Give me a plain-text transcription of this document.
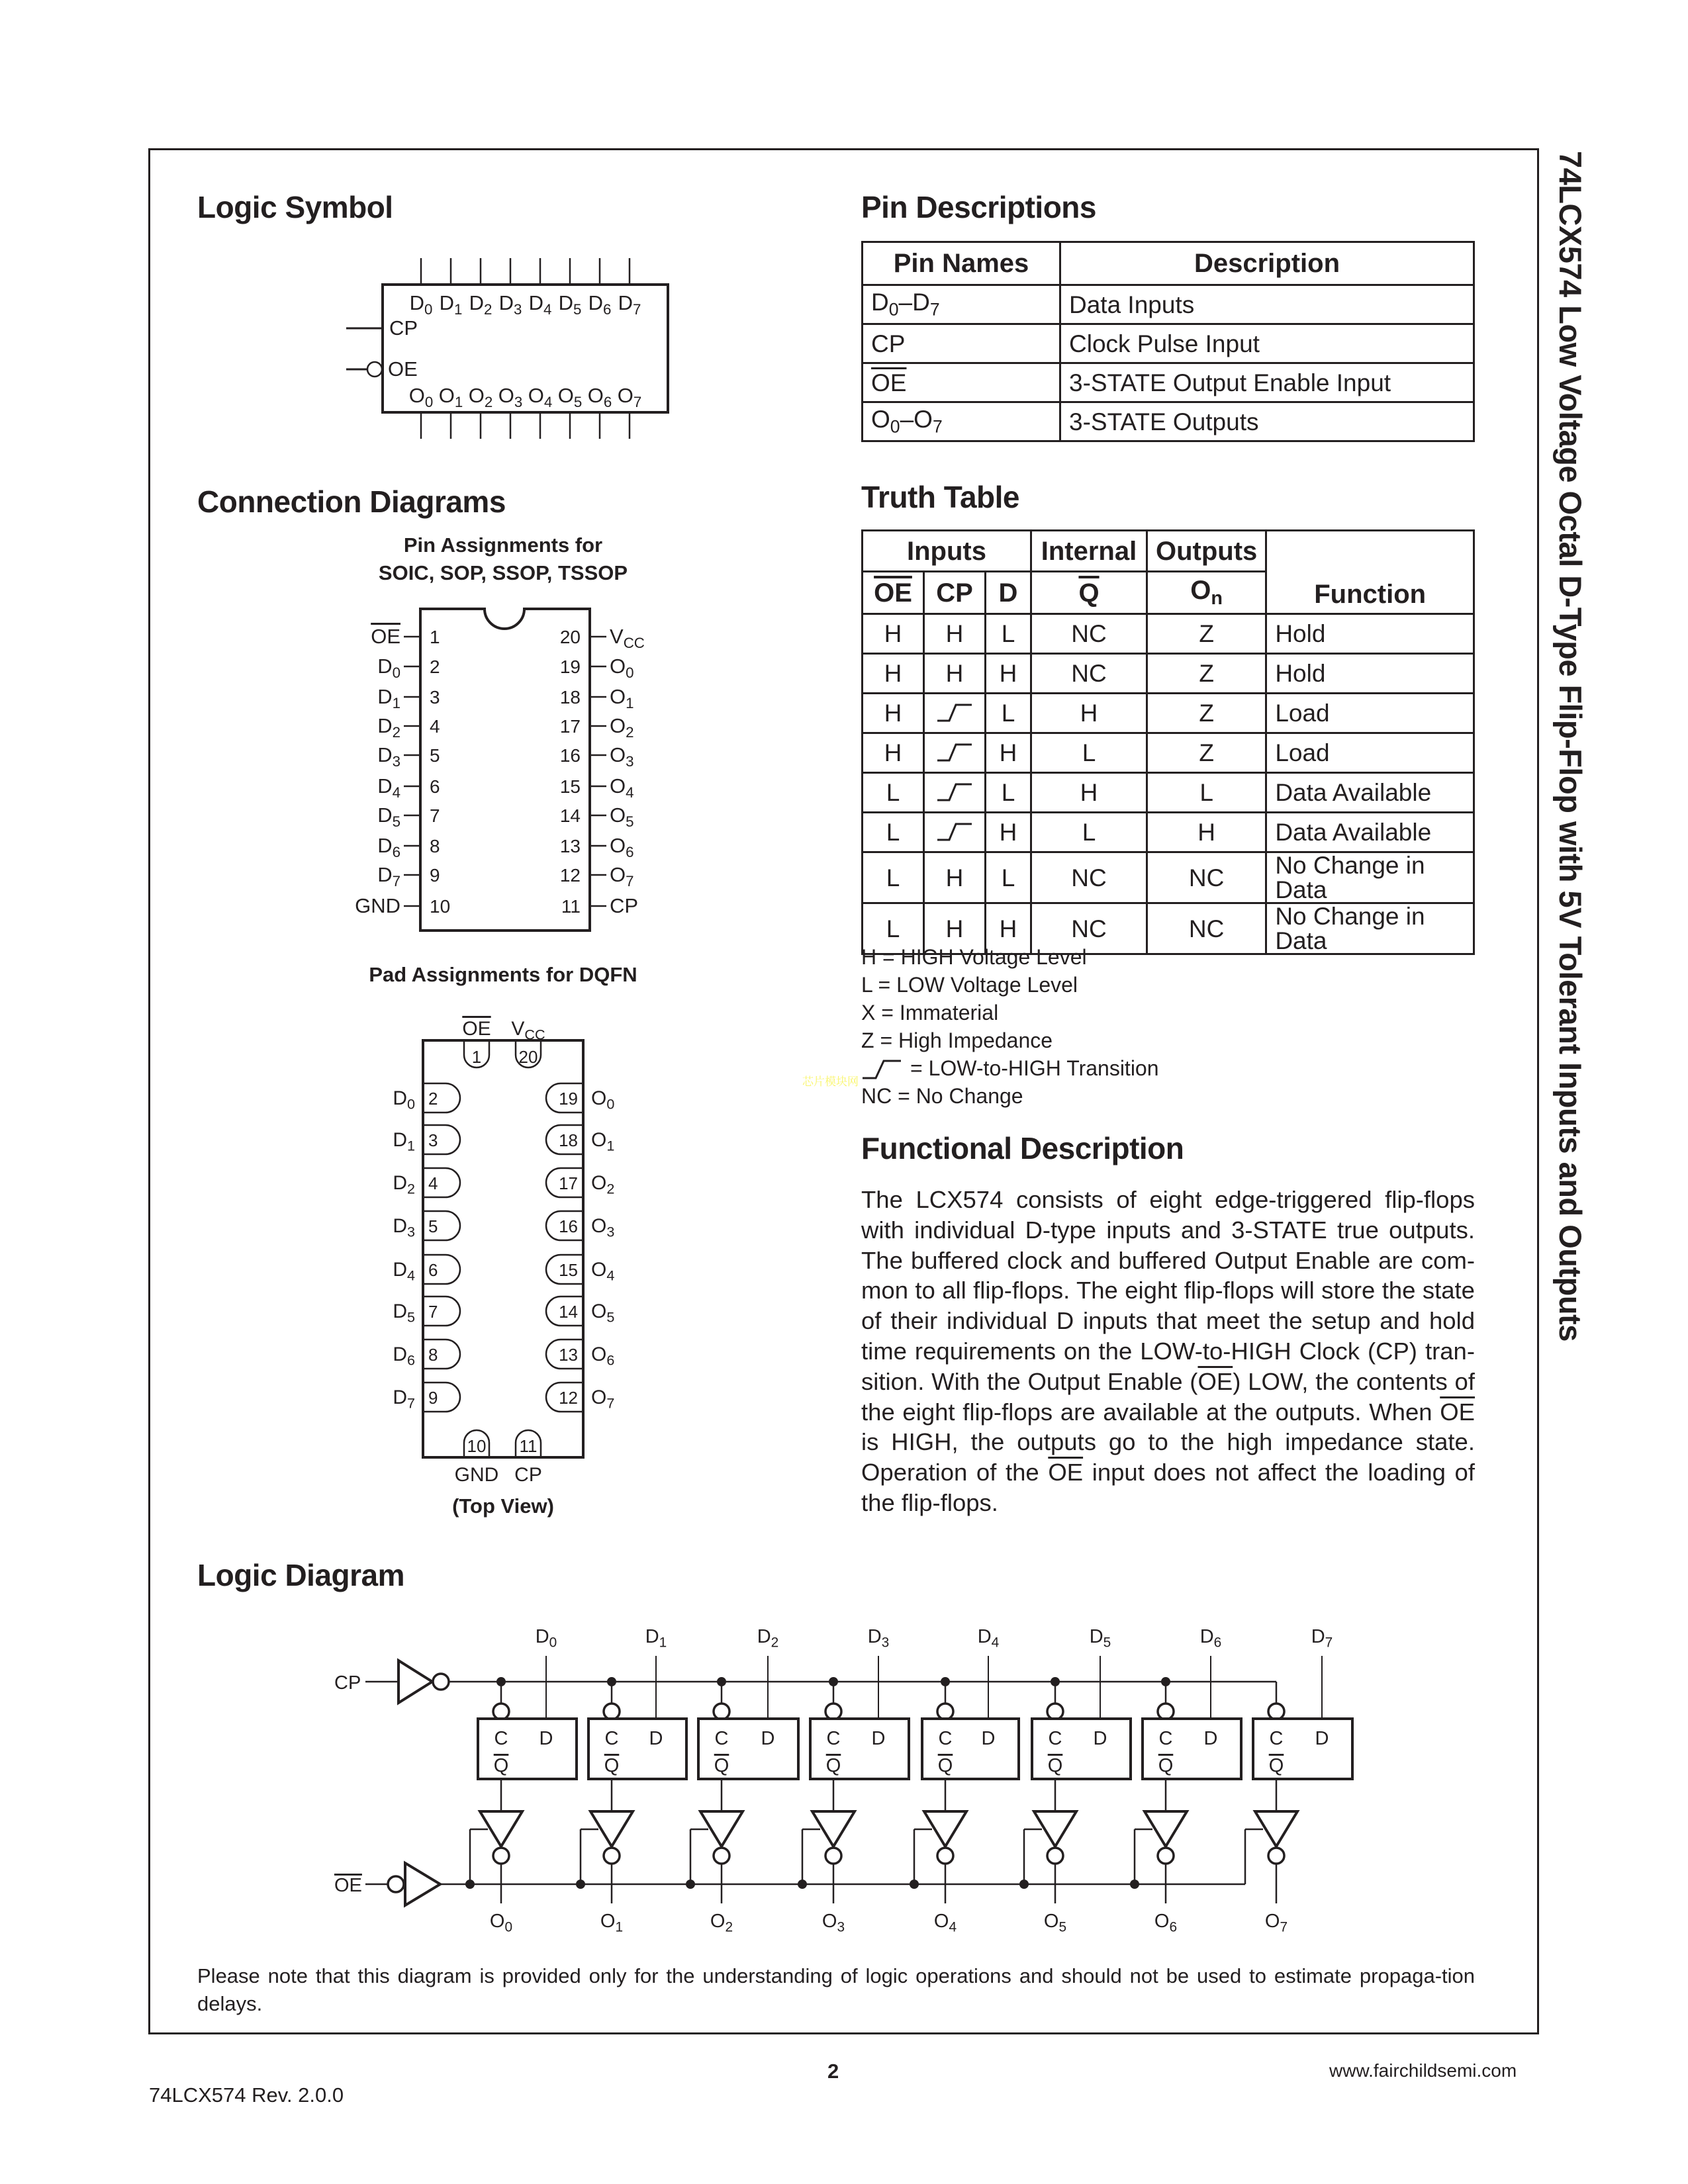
74LCX574 Low Voltage Octal D-Type Flip-Flop with 5V Tolerant Inputs and Outputs
Logic Symbol
$D_0$
$O_0$
$D_1$
$O_1$
$D_2$
$O_2$
$D_3$
$O_3$
$D_4$
$O_4$
$D_5$
$O_5$
$D_6$
$O_6$
$D_7$
$O_7$
CP
OE
Pin Descriptions
Pin Names	Description
$D_0-D_7$	Data Inputs
CP	Clock Pulse Input
$\overline{OE}$	3-STATE Output Enable Input
$O_0-O_7$	3-STATE Outputs
Connection Diagrams
Pin Assignments for
SOIC, SOP, SSOP, TSSOP
1
OE
2
$D_0$
3
$D_1$
4
$D_2$
5
$D_3$
6
$D_4$
7
$D_5$
8
$D_6$
9
$D_7$
10
GND
20 $V_{CC}$
19 $O_0$
18 $O_1$
17 $O_2$
16 $O_3$
15 $O_4$
14 $O_5$
13 $O_6$
12 $O_7$
11 CP
1
OE
20
$V_{CC}$
10
GND
11
CP
2
$D_0$
3
$D_1$
4
$D_2$
5
$D_3$
6
$D_4$
7
$D_5$
8
$D_6$
9
$D_7$
19 $O_0$
18 $O_1$
17 $O_2$
16 $O_3$
15 $O_4$
14 $O_5$
13 $O_6$
12 $O_7$
Pad Assignments for DQFN
(Top View)
Truth Table
Inputs			Internal	Outputs	Function
$\overline{OE}$	CP	D	$\overline{Q}$	$O_n$
H	H	L	NC	Z	Hold
H	H	H	NC	Z	Hold
H		L	H	Z	Load
H		H	L	Z	Load
L		L	H	L	Data Available
L		H	L	H	Data Available
L	H	L	NC	NC	No Change in Data
L	H	H	NC	NC	No Change in Data
H = HIGH Voltage Level
L = LOW Voltage Level
X = Immaterial
Z = High Impedance
= LOW-to-HIGH Transition
NC = No Change
芯片模块网
Functional Description
The LCX574 consists of eight edge-triggered flip-flops with individual D-type inputs and 3-STATE true outputs. The buffered clock and buffered Output Enable are com-mon to all flip-flops. The eight flip-flops will store the state of their individual D inputs that meet the setup and hold time requirements on the LOW-to-HIGH Clock (CP) tran-sition. With the Output Enable $(\overline{OE})$ LOW, the contents of the eight flip-flops are available at the outputs. When $\overline{OE}$ is HIGH, the outputs go to the high impedance state. Operation of the $\overline{OE}$ input does not affect the loading of the flip-flops.
Logic Diagram
CP
OE
$D_0$
C D
Q
$O_0$
$D_1$
C D
Q
$O_1$
$D_2$
C D
Q
$O_2$
$D_3$
C D
Q
$O_3$
$D_4$
C D
Q
$O_4$
$D_5$
C D
Q
$O_5$
$D_6$
C D
Q
$O_6$
$D_7$
C D
Q
$O_7$
Please note that this diagram is provided only for the understanding of logic operations and should not be used to estimate propaga-tion delays.
2	www.fairchildsemi.com
74LCX574 Rev. 2.0.0
